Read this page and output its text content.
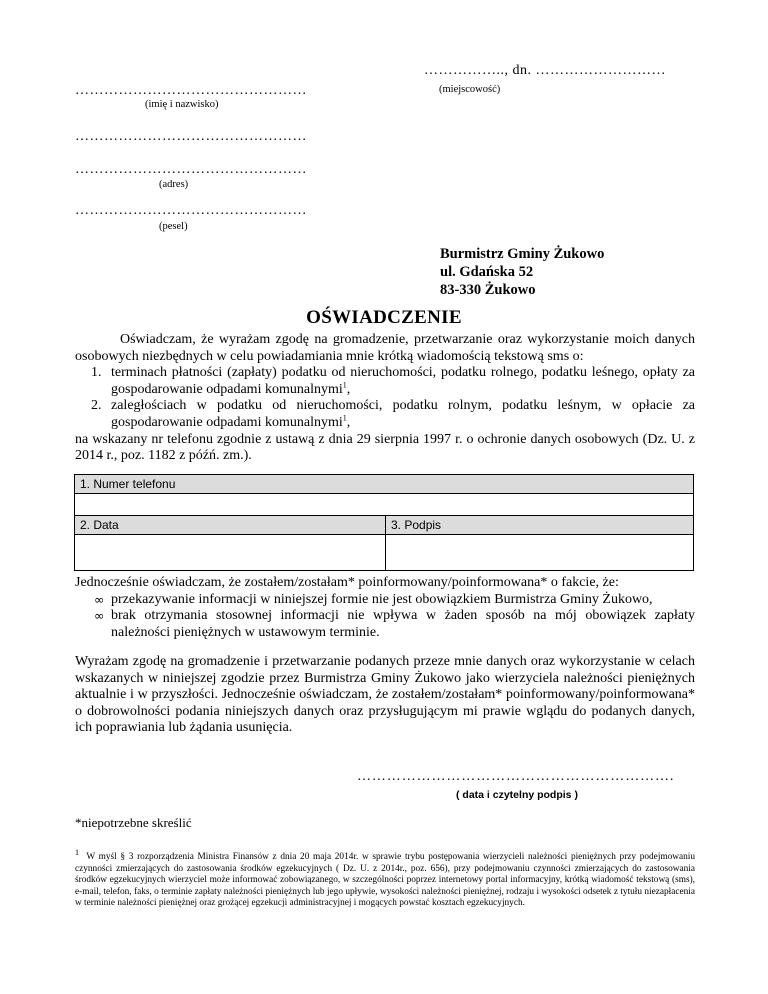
…………….., dn. ………………………
(miejscowość)
…………………………………………
(imię i nazwisko)
…………………………………………
…………………………………………
(adres)
…………………………………………
(pesel)
Burmistrz Gminy Żukowo
ul. Gdańska 52
83-330 Żukowo
OŚWIADCZENIE
Oświadczam, że wyrażam zgodę na gromadzenie, przetwarzanie oraz wykorzystanie moich danych osobowych niezbędnych w celu powiadamiania mnie krótką wiadomością tekstową sms o:
1. terminach płatności (zapłaty) podatku od nieruchomości, podatku rolnego, podatku leśnego, opłaty za gospodarowanie odpadami komunalnymi$^1$,
2. zaległościach w podatku od nieruchomości, podatku rolnym, podatku leśnym, w opłacie za gospodarowanie odpadami komunalnymi$^1$,
na wskazany nr telefonu zgodnie z ustawą z dnia 29 sierpnia 1997 r. o ochronie danych osobowych (Dz. U. z 2014 r., poz. 1182 z późń. zm.).
1. Numer telefonu	

2. Data	3. Podpis

Jednocześnie oświadczam, że zostałem/zostałam* poinformowany/poinformowana* o fakcie, że:
∞ przekazywanie informacji w niniejszej formie nie jest obowiązkiem Burmistrza Gminy Żukowo,
∞ brak otrzymania stosownej informacji nie wpływa w żaden sposób na mój obowiązek zapłaty należności pieniężnych w ustawowym terminie.
Wyrażam zgodę na gromadzenie i przetwarzanie podanych przeze mnie danych oraz wykorzystanie w celach wskazanych w niniejszej zgodzie przez Burmistrza Gminy Żukowo jako wierzyciela należności pieniężnych aktualnie i w przyszłości. Jednocześnie oświadczam, że zostałem/zostałam* poinformowany/poinformowana* o dobrowolności podania niniejszych danych oraz przysługującym mi prawie wglądu do podanych danych, ich poprawiania lub żądania usunięcia.
……………………………………………………….
( data i czytelny podpis )
*niepotrzebne skreślić
$^1$ W myśl § 3 rozporządzenia Ministra Finansów z dnia 20 maja 2014r. w sprawie trybu postępowania wierzycieli należności pieniężnych przy podejmowaniu czynności zmierzających do zastosowania środków egzekucyjnych ( Dz. U. z 2014r., poz. 656), przy podejmowaniu czynności zmierzających do zastosowania środków egzekucyjnych wierzyciel może informować zobowiązanego, w szczególności poprzez internetowy portal informacyjny, krótką wiadomość tekstową (sms), e-mail, telefon, faks, o terminie zapłaty należności pieniężnych lub jego upływie, wysokości należności pieniężnej, rodzaju i wysokości odsetek z tytułu niezapłacenia w terminie należności pieniężnej oraz grożącej egzekucji administracyjnej i mogących powstać kosztach egzekucyjnych.
